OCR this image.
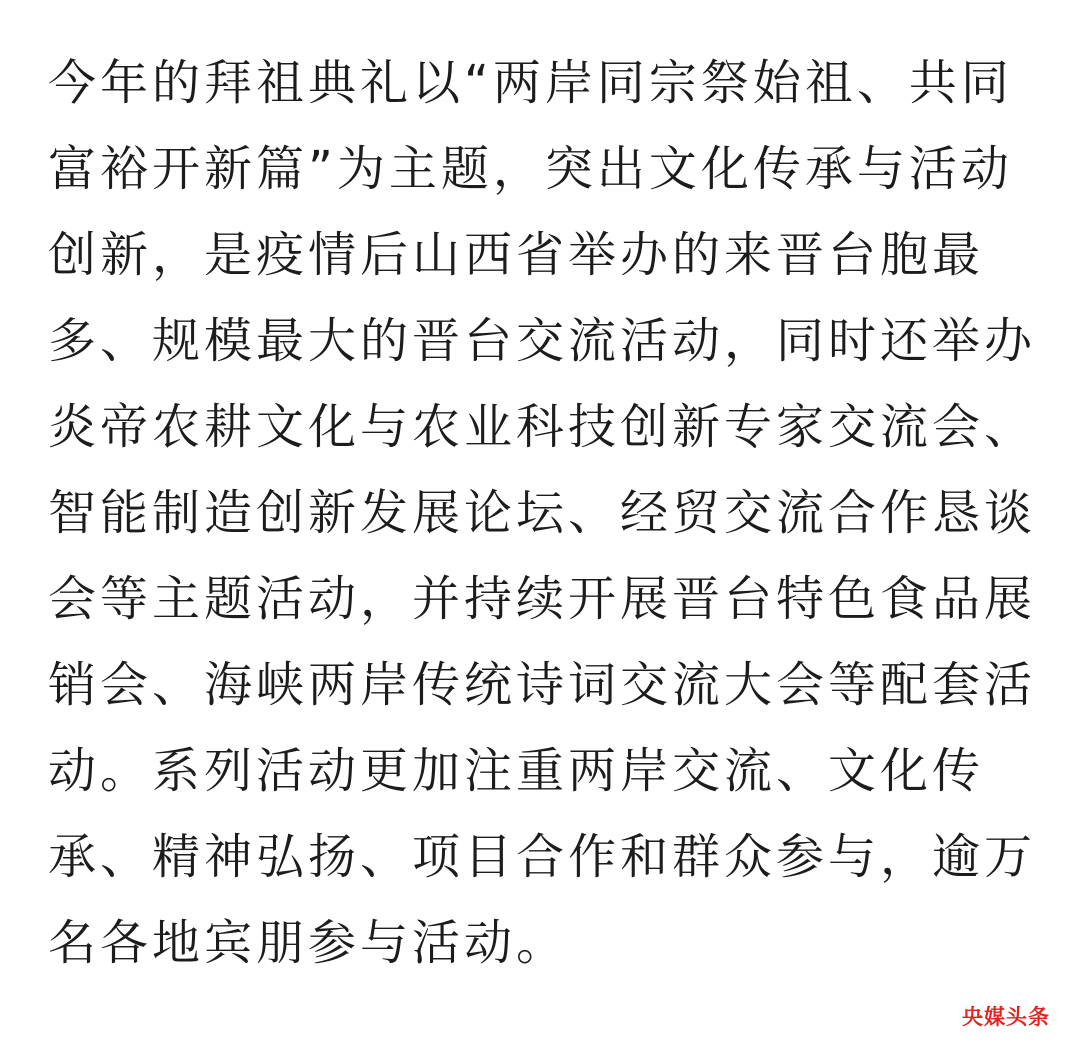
今年的拜祖典礼以“两岸同宗祭始祖、共同
富裕开新篇”为主题，突出文化传承与活动
创新，是疫情后山西省举办的来晋台胞最
多、规模最大的晋台交流活动，同时还举办
炎帝农耕文化与农业科技创新专家交流会、
智能制造创新发展论坛、经贸交流合作恳谈
会等主题活动，并持续开展晋台特色食品展
销会、海峡两岸传统诗词交流大会等配套活
动。系列活动更加注重两岸交流、文化传
承、精神弘扬、项目合作和群众参与，逾万
名各地宾朋参与活动。
央媒头条
